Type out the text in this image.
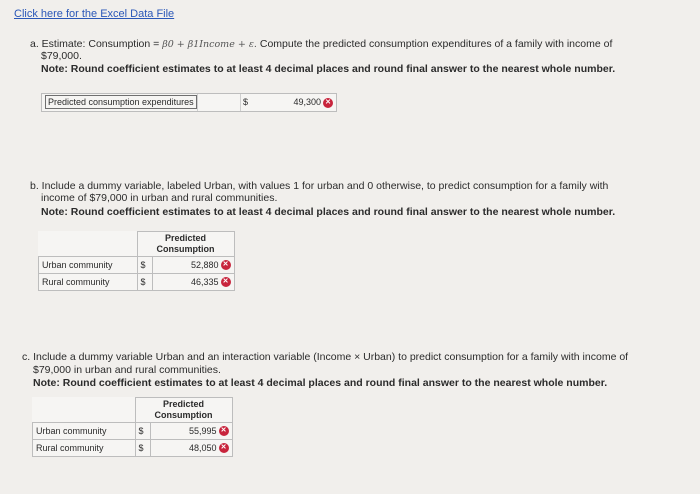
Click here for the Excel Data File
a. Estimate: Consumption = β0 + β1Income + ε. Compute the predicted consumption expenditures of a family with income of
$79,000.
Note: Round coefficient estimates to at least 4 decimal places and round final answer to the nearest whole number.
Predicted consumption expenditures	$	49,300 ✕
b. Include a dummy variable, labeled Urban, with values 1 for urban and 0 otherwise, to predict consumption for a family with
income of $79,000 in urban and rural communities.
Note: Round coefficient estimates to at least 4 decimal places and round final answer to the nearest whole number.

	Predicted
Consumption	

Urban community	$	52,880 ✕
Rural community	$	46,335 ✕
c. Include a dummy variable Urban and an interaction variable (Income × Urban) to predict consumption for a family with income of
$79,000 in urban and rural communities.
Note: Round coefficient estimates to at least 4 decimal places and round final answer to the nearest whole number.

	Predicted
Consumption	

Urban community	$	55,995 ✕
Rural community	$	48,050 ✕
